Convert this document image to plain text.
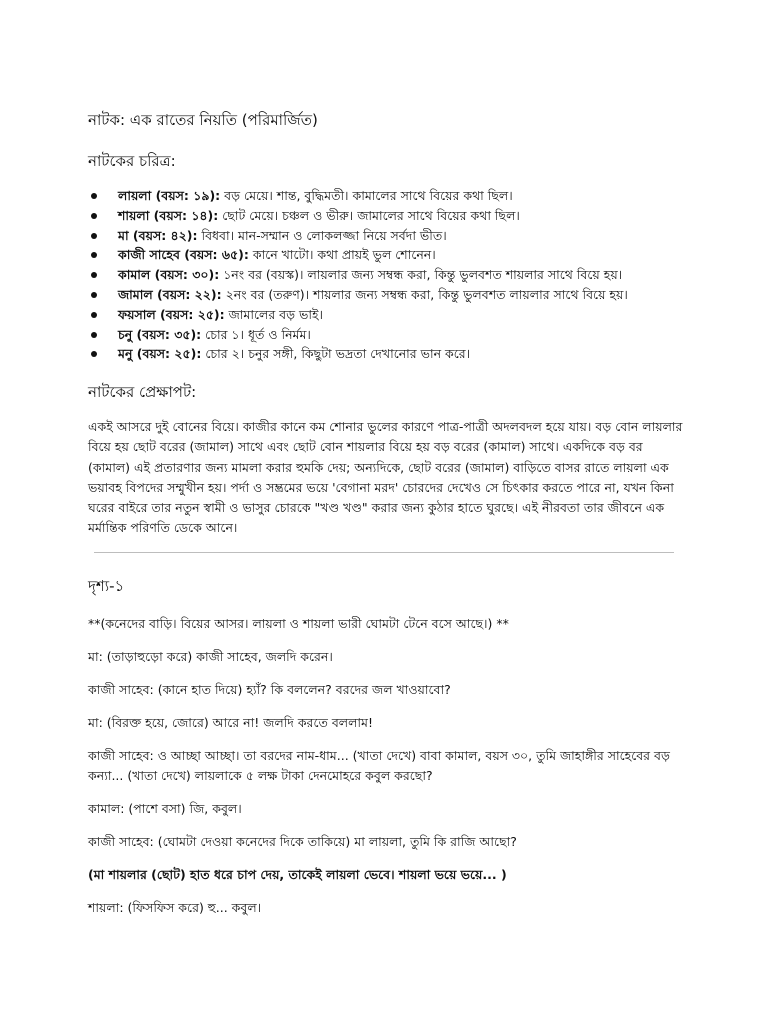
নাটক: এক রাতের নিয়তি (পরিমার্জিত)
নাটকের চরিত্র:
লায়লা (বয়স: ১৯): বড় মেয়ে। শান্ত, বুদ্ধিমতী। কামালের সাথে বিয়ের কথা ছিল।
শায়লা (বয়স: ১৪): ছোট মেয়ে। চঞ্চল ও ভীরু। জামালের সাথে বিয়ের কথা ছিল।
মা (বয়স: ৪২): বিধবা। মান-সম্মান ও লোকলজ্জা নিয়ে সর্বদা ভীত।
কাজী সাহেব (বয়স: ৬৫): কানে খাটো। কথা প্রায়ই ভুল শোনেন।
কামাল (বয়স: ৩০): ১নং বর (বয়স্ক)। লায়লার জন্য সম্বন্ধ করা, কিন্তু ভুলবশত শায়লার সাথে বিয়ে হয়।
জামাল (বয়স: ২২): ২নং বর (তরুণ)। শায়লার জন্য সম্বন্ধ করা, কিন্তু ভুলবশত লায়লার সাথে বিয়ে হয়।
ফয়সাল (বয়স: ২৫): জামালের বড় ভাই।
চনু (বয়স: ৩৫): চোর ১। ধূর্ত ও নির্মম।
মনু (বয়স: ২৫): চোর ২। চনুর সঙ্গী, কিছুটা ভদ্রতা দেখানোর ভান করে।
নাটকের প্রেক্ষাপট:

একই আসরে দুই বোনের বিয়ে। কাজীর কানে কম শোনার ভুলের কারণে পাত্র-পাত্রী অদলবদল হয়ে যায়। বড় বোন লায়লার বিয়ে হয় ছোট বরের (জামাল) সাথে এবং ছোট বোন শায়লার বিয়ে হয় বড় বরের (কামাল) সাথে। একদিকে বড় বর (কামাল) এই প্রতারণার জন্য মামলা করার হুমকি দেয়; অন্যদিকে, ছোট বরের (জামাল) বাড়িতে বাসর রাতে লায়লা এক ভয়াবহ বিপদের সম্মুখীন হয়। পর্দা ও সম্ভ্রমের ভয়ে 'বেগানা মরদ' চোরদের দেখেও সে চিৎকার করতে পারে না, যখন কিনা ঘরের বাইরে তার নতুন স্বামী ও ভাসুর চোরকে "খণ্ড খণ্ড" করার জন্য কুঠার হাতে ঘুরছে। এই নীরবতা তার জীবনে এক মর্মান্তিক পরিণতি ডেকে আনে।

দৃশ্য-১

**(কনেদের বাড়ি। বিয়ের আসর। লায়লা ও শায়লা ভারী ঘোমটা টেনে বসে আছে।) **

মা: (তাড়াহুড়ো করে) কাজী সাহেব, জলদি করেন।

কাজী সাহেব: (কানে হাত দিয়ে) হ্যাঁ? কি বললেন? বরদের জল খাওয়াবো?

মা: (বিরক্ত হয়ে, জোরে) আরে না! জলদি করতে বললাম!

কাজী সাহেব: ও আচ্ছা আচ্ছা। তা বরদের নাম-ধাম... (খাতা দেখে) বাবা কামাল, বয়স ৩০, তুমি জাহাঙ্গীর সাহেবের বড় কন্যা... (খাতা দেখে) লায়লাকে ৫ লক্ষ টাকা দেনমোহরে কবুল করছো?

কামাল: (পাশে বসা) জি, কবুল।

কাজী সাহেব: (ঘোমটা দেওয়া কনেদের দিকে তাকিয়ে) মা লায়লা, তুমি কি রাজি আছো?

(মা শায়লার (ছোট) হাত ধরে চাপ দেয়, তাকেই লায়লা ভেবে। শায়লা ভয়ে ভয়ে... )

শায়লা: (ফিসফিস করে) হু... কবুল।
